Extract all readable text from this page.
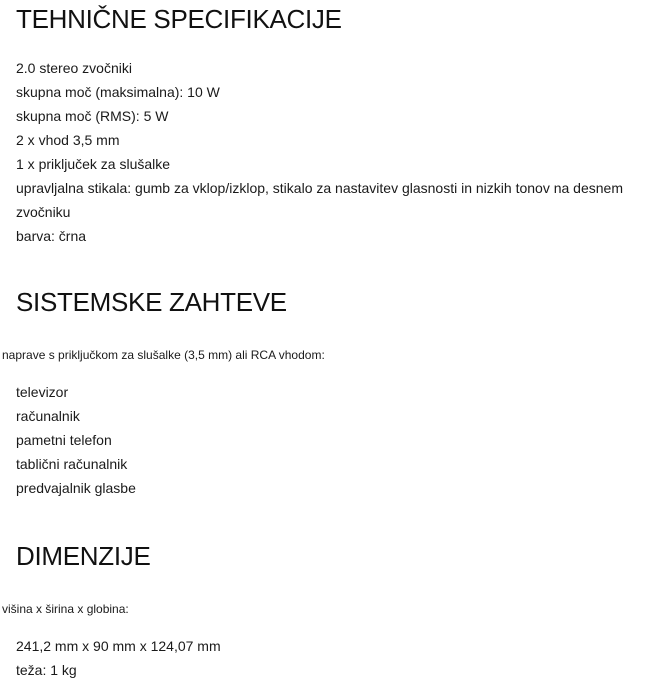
TEHNIČNE SPECIFIKACIJE
2.0 stereo zvočniki
skupna moč (maksimalna): 10 W
skupna moč (RMS): 5 W
2 x vhod 3,5 mm
1 x priključek za slušalke
upravljalna stikala: gumb za vklop/izklop, stikalo za nastavitev glasnosti in nizkih tonov na desnem zvočniku
barva: črna
SISTEMSKE ZAHTEVE

naprave s priključkom za slušalke (3,5 mm) ali RCA vhodom:

televizor
računalnik
pametni telefon
tablični računalnik
predvajalnik glasbe
DIMENZIJE

višina x širina x globina:

241,2 mm x 90 mm x 124,07 mm
teža: 1 kg
